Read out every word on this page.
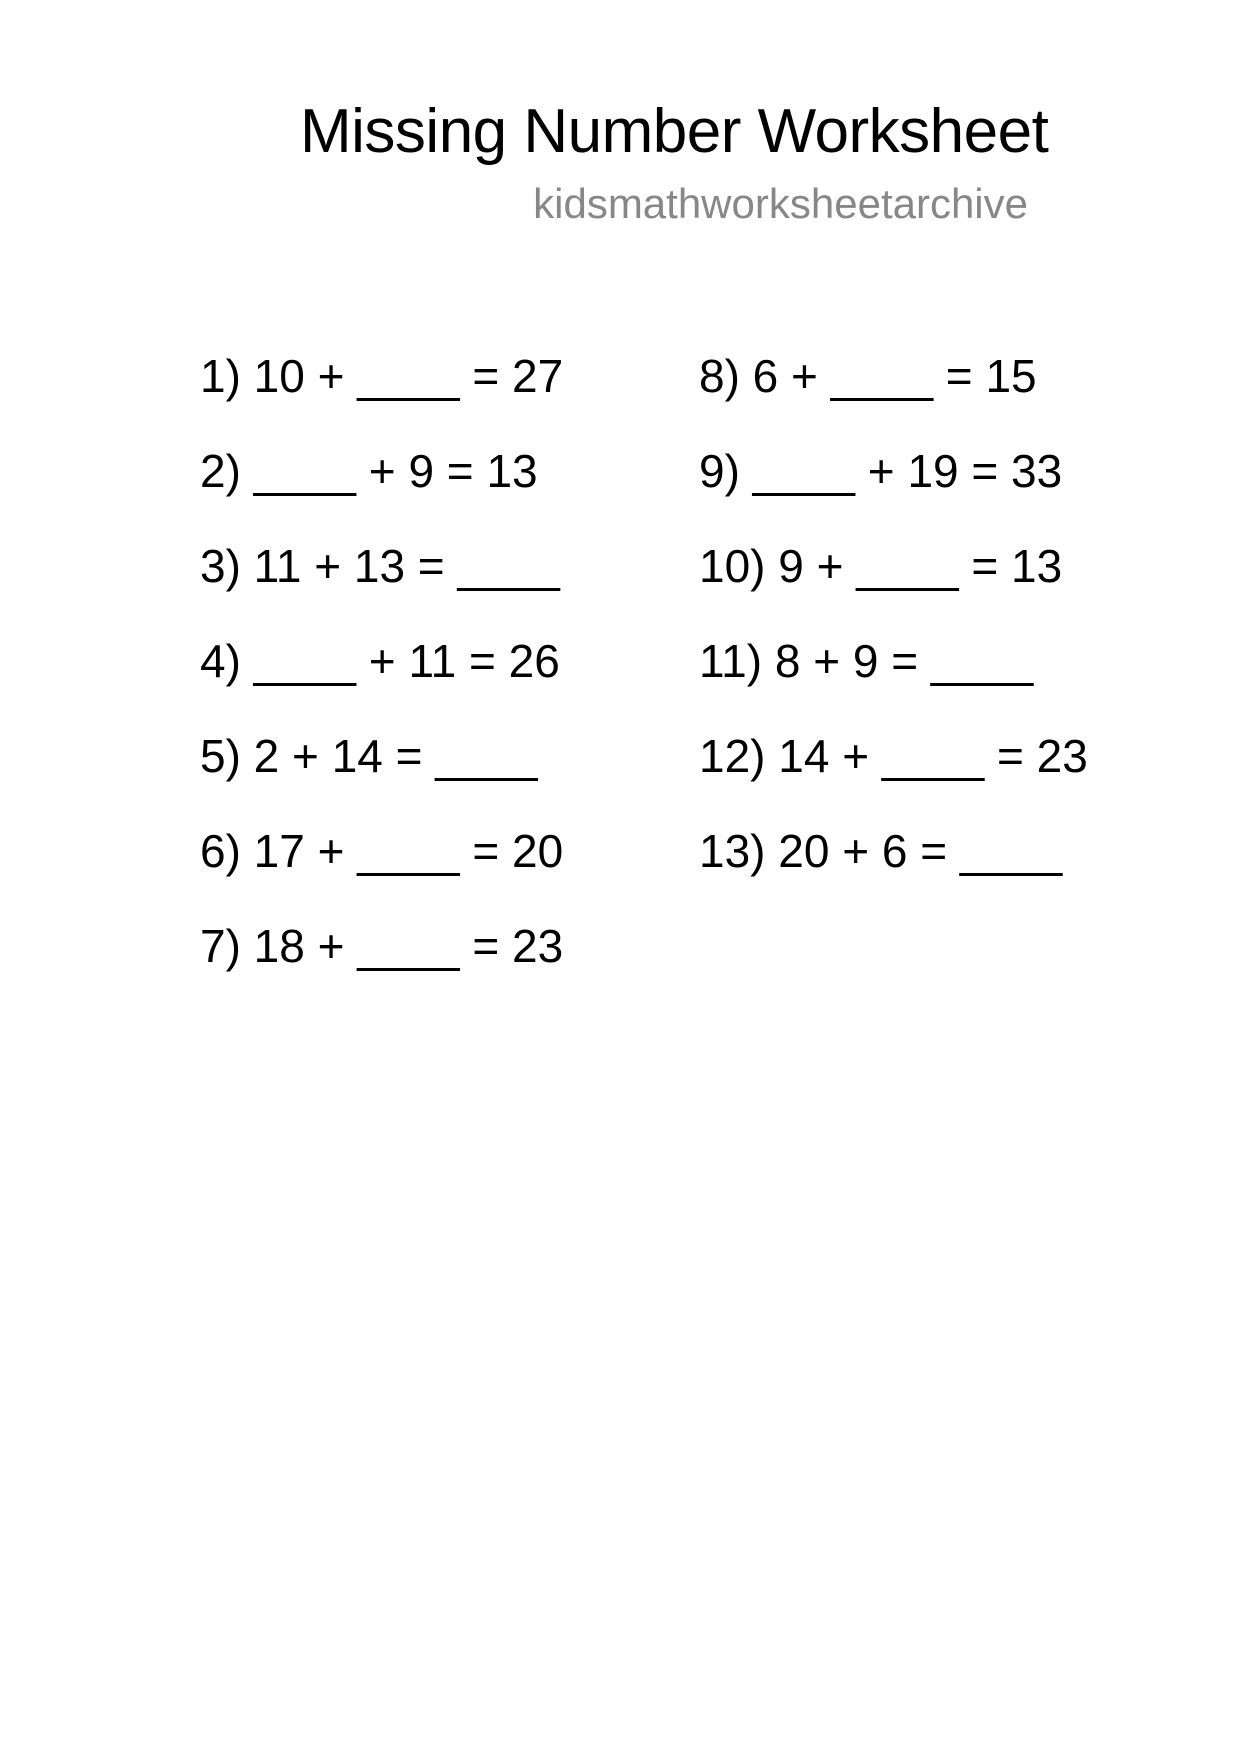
Missing Number Worksheet
kidsmathworksheetarchive
1) 10 + ____ = 27
2) ____ + 9 = 13
3) 11 + 13 = ____
4) ____ + 11 = 26
5) 2 + 14 = ____
6) 17 + ____ = 20
7) 18 + ____ = 23
8) 6 + ____ = 15
9) ____ + 19 = 33
10) 9 + ____ = 13
11) 8 + 9 = ____
12) 14 + ____ = 23
13) 20 + 6 = ____
